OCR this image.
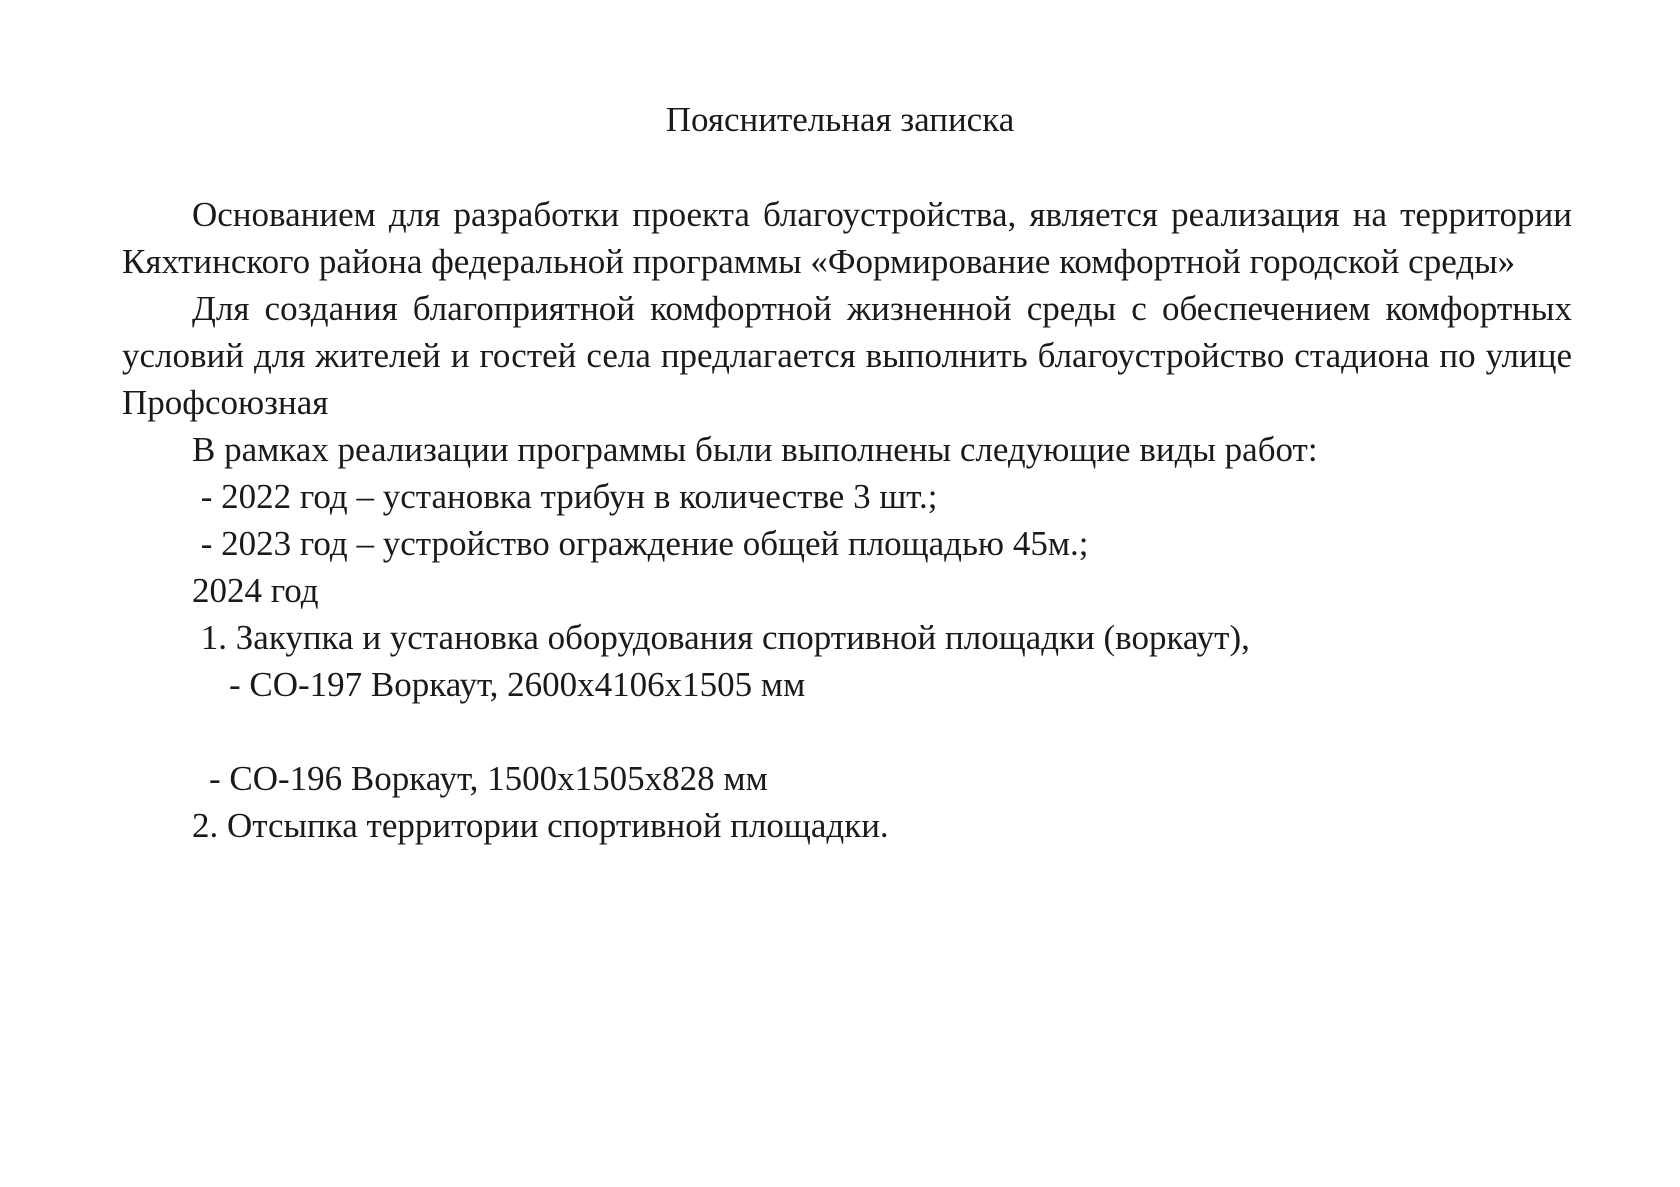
Пояснительная записка

Основанием для разработки проекта благоустройства, является реализация на территории Кяхтинского района федеральной программы «Формирование комфортной городской среды»

Для создания благоприятной комфортной жизненной среды с обеспечением комфортных условий для жителей и гостей села предлагается выполнить благоустройство стадиона по улице Профсоюзная

В рамках реализации программы были выполнены следующие виды работ:

- 2022 год – установка трибун в количестве 3 шт.;

- 2023 год – устройство ограждение общей площадью 45м.;

2024 год

1. Закупка и установка оборудования спортивной площадки (воркаут),

- СО-197 Воркаут, 2600х4106х1505 мм

- СО-196 Воркаут, 1500х1505х828 мм

2. Отсыпка территории спортивной площадки.
